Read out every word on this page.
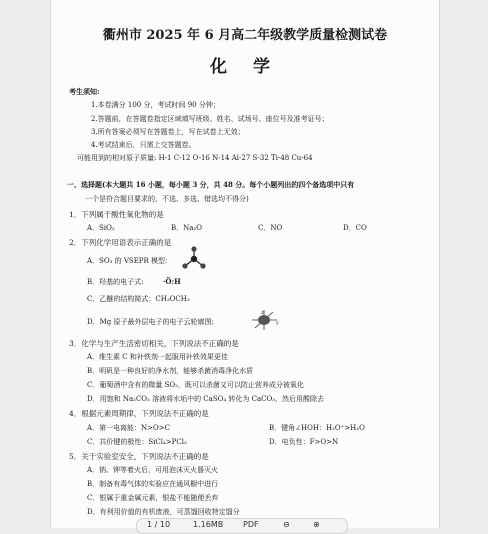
衢州市 2025 年 6 月高二年级教学质量检测试卷
化 学
考生须知:
1.本卷满分 100 分，考试时间 90 分钟；
2.答题前，在答题卷指定区域填写班级、姓名、试场号、座位号及准考证号；
3.所有答案必须写在答题卷上，写在试卷上无效；
4.考试结束后，只需上交答题卷。
可能用到的相对原子质量: H-1 C-12 O-16 N-14 Al-27 S-32 Ti-48 Cu-64
一、选择题(本大题共 16 小题，每小题 3 分，共 48 分。每个小题列出的四个备选项中只有
一个是符合题目要求的，不选、多选、错选均不得分)
1．下列属于酸性氧化物的是
A．SiO₂	B．Na₂O	C．NO	D．CO
2．下列化学用语表示正确的是
A．SO₃ 的 VSEPR 模型:
B．羟基的电子式:	·Ö:H
C．乙醚的结构简式：CH₃OCH₃
D．Mg 原子最外层电子的电子云轮廓图:	y
z
3．化学与生产生活密切相关，下列说法不正确的是
A．维生素 C 和补铁剂一起服用补铁效果更佳
B．明矾是一种良好的净水剂，能够杀菌消毒净化水质
C．葡萄酒中含有的微量 SO₂，既可以杀菌又可以防止营养成分被氧化
D．用饱和 Na₂CO₃ 溶液将水垢中的 CaSO₄ 转化为 CaCO₃，然后用酸除去
4．根据元素周期律，下列说法不正确的是
A．第一电离能：N>O>C	B．键角∠HOH：H₃O⁺>H₂O
C．共价键的极性：SiCl₄>PCl₃	D．电负性：F>O>N
5．关于实验室安全，下列说法不正确的是
A．钠、钾等着火后，可用泡沫灭火器灭火
B．制备有毒气体的实验应在通风橱中进行
C．银属于重金属元素，银盐不能随便丢弃
D．有利用价值的有机废液，可蒸馏回收特定馏分
1 / 10	1.16MB PDF	⊖	⊕
